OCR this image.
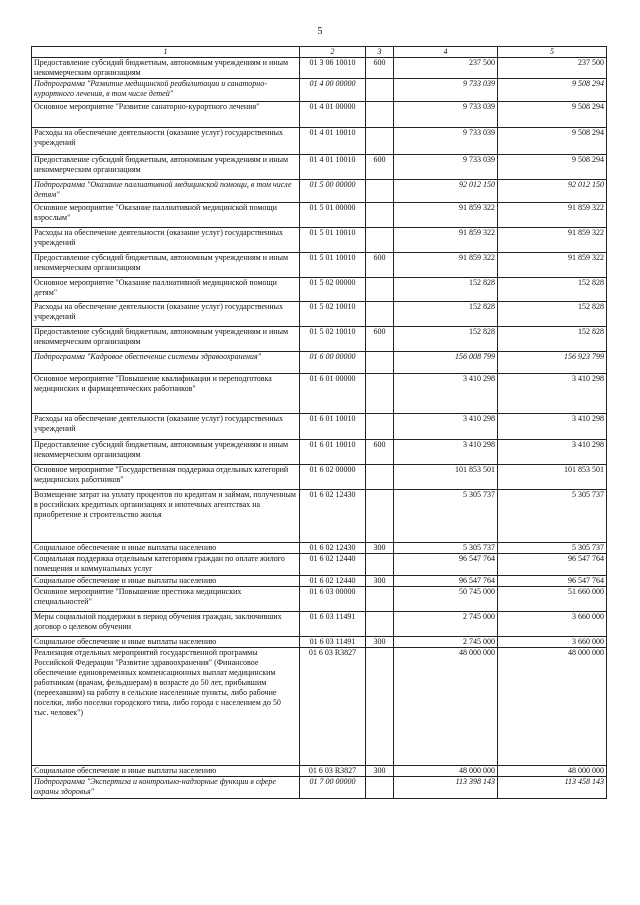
5
1	2	3	4	5
Предоставление субсидий бюджетным, автономным учреждениям и иным некоммерческим организациям	01 3 06 10010	600	237 500	237 500
Подпрограмма "Развитие медицинской реабилитации и санаторно-курортного лечения, в том числе детей"	01 4 00 00000		9 733 039	9 508 294
Основное мероприятие "Развитие санаторно-курортного лечения"	01 4 01 00000		9 733 039	9 508 294
Расходы на обеспечение деятельности (оказание услуг) государственных учреждений	01 4 01 10010		9 733 039	9 508 294
Предоставление субсидий бюджетным, автономным учреждениям и иным некоммерческим организациям	01 4 01 10010	600	9 733 039	9 508 294
Подпрограмма "Оказание паллиативной медицинской помощи, в том числе детям"	01 5 00 00000		92 012 150	92 012 150
Основное мероприятие "Оказание паллиативной медицинской помощи взрослым"	01 5 01 00000		91 859 322	91 859 322
Расходы на обеспечение деятельности (оказание услуг) государственных учреждений	01 5 01 10010		91 859 322	91 859 322
Предоставление субсидий бюджетным, автономным учреждениям и иным некоммерческим организациям	01 5 01 10010	600	91 859 322	91 859 322
Основное мероприятие "Оказание паллиативной медицинской помощи детям"	01 5 02 00000		152 828	152 828
Расходы на обеспечение деятельности (оказание услуг) государственных учреждений	01 5 02 10010		152 828	152 828
Предоставление субсидий бюджетным, автономным учреждениям и иным некоммерческим организациям	01 5 02 10010	600	152 828	152 828
Подпрограмма "Кадровое обеспечение системы здравоохранения"	01 6 00 00000		156 008 799	156 923 799
Основное мероприятие "Повышение квалификации и переподготовка медицинских и фармацевтических работников"	01 6 01 00000		3 410 298	3 410 298
Расходы на обеспечение деятельности (оказание услуг) государственных учреждений	01 6 01 10010		3 410 298	3 410 298
Предоставление субсидий бюджетным, автономным учреждениям и иным некоммерческим организациям	01 6 01 10010	600	3 410 298	3 410 298
Основное мероприятие "Государственная поддержка отдельных категорий медицинских работников"	01 6 02 00000		101 853 501	101 853 501
Возмещение затрат на уплату процентов по кредитам и займам, полученным в российских кредитных организациях и ипотечных агентствах на приобретение и строительство жилья	01 6 02 12430		5 305 737	5 305 737
Социальное обеспечение и иные выплаты населению	01 6 02 12430	300	5 305 737	5 305 737
Социальная поддержка отдельным категориям граждан по оплате жилого помещения и коммунальных услуг	01 6 02 12440		96 547 764	96 547 764
Социальное обеспечение и иные выплаты населению	01 6 02 12440	300	96 547 764	96 547 764
Основное мероприятие "Повышение престижа медицинских специальностей"	01 6 03 00000		50 745 000	51 660 000
Меры социальной поддержки в период обучения граждан, заключивших договор о целевом обучении	01 6 03 11491		2 745 000	3 660 000
Социальное обеспечение и иные выплаты населению	01 6 03 11491	300	2 745 000	3 660 000
Реализация отдельных мероприятий государственной программы Российской Федерации "Развитие здравоохранения" (Финансовое обеспечение единовременных компенсационных выплат медицинским работникам (врачам, фельдшерам) в возрасте до 50 лет, прибывшим (переехавшим) на работу в сельские населенные пункты, либо рабочие поселки, либо поселки городского типа, либо города с населением до 50 тыс. человек")	01 6 03 R3827		48 000 000	48 000 000
Социальное обеспечение и иные выплаты населению	01 6 03 R3827	300	48 000 000	48 000 000
Подпрограмма "Экспертиза и контрольно-надзорные функции в сфере охраны здоровья"	01 7 00 00000		113 398 143	113 458 143
